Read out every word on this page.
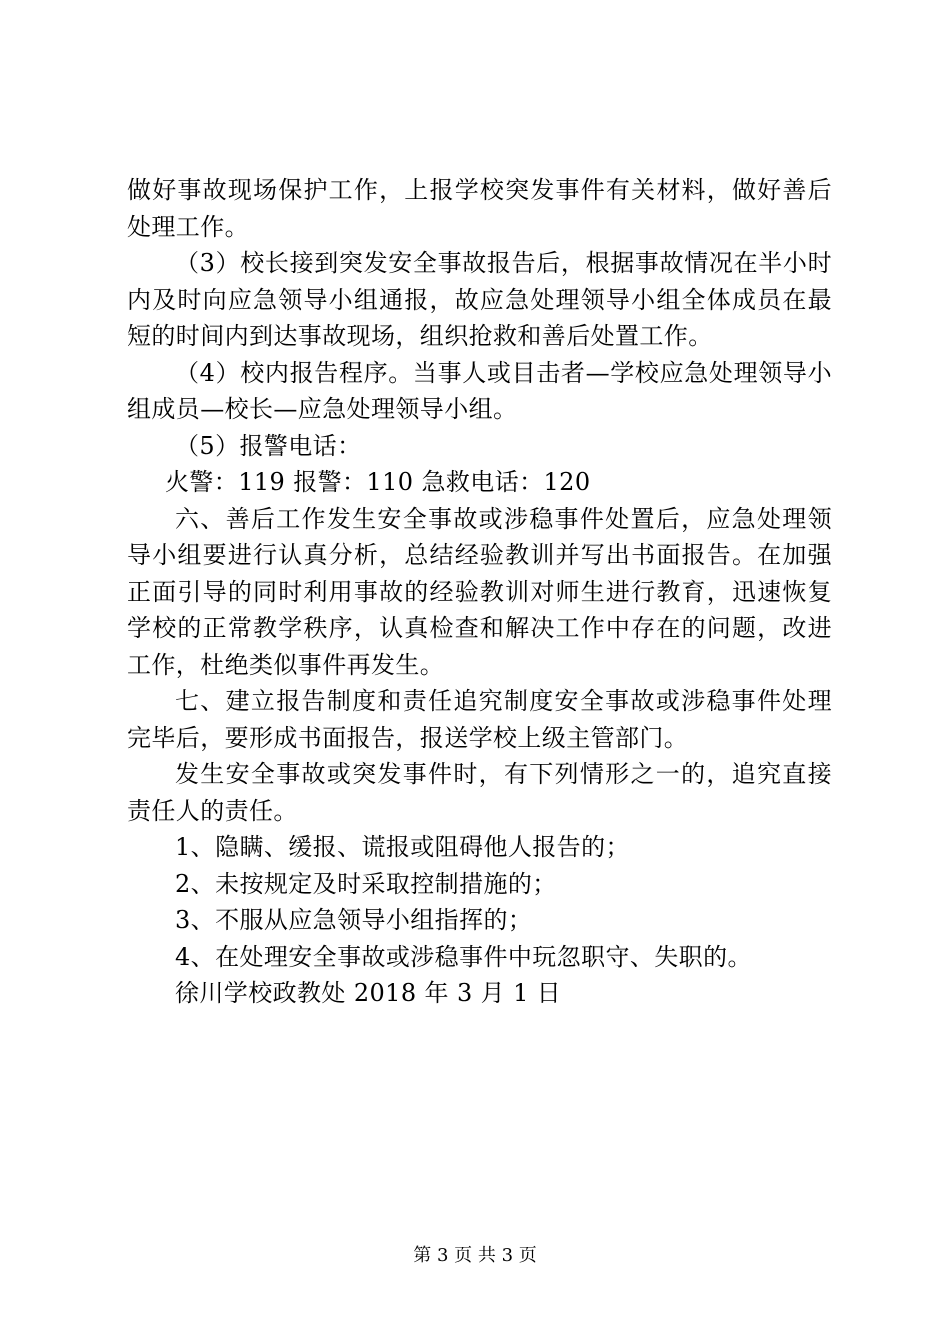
做好事故现场保护工作，上报学校突发事件有关材料，做好善后处理工作。

（3）校长接到突发安全事故报告后，根据事故情况在半小时内及时向应急领导小组通报，故应急处理领导小组全体成员在最短的时间内到达事故现场，组织抢救和善后处置工作。

（4）校内报告程序。当事人或目击者—学校应急处理领导小组成员—校长—应急处理领导小组。

（5）报警电话：

火警：119 报警：110 急救电话：120

六、善后工作发生安全事故或涉稳事件处置后，应急处理领导小组要进行认真分析，总结经验教训并写出书面报告。在加强正面引导的同时利用事故的经验教训对师生进行教育，迅速恢复学校的正常教学秩序，认真检查和解决工作中存在的问题，改进工作，杜绝类似事件再发生。

七、建立报告制度和责任追究制度安全事故或涉稳事件处理完毕后，要形成书面报告，报送学校上级主管部门。

发生安全事故或突发事件时，有下列情形之一的，追究直接责任人的责任。

1、隐瞒、缓报、谎报或阻碍他人报告的；

2、未按规定及时采取控制措施的；

3、不服从应急领导小组指挥的；

4、在处理安全事故或涉稳事件中玩忽职守、失职的。

徐川学校政教处 2018 年 3 月 1 日

第 3 页 共 3 页
